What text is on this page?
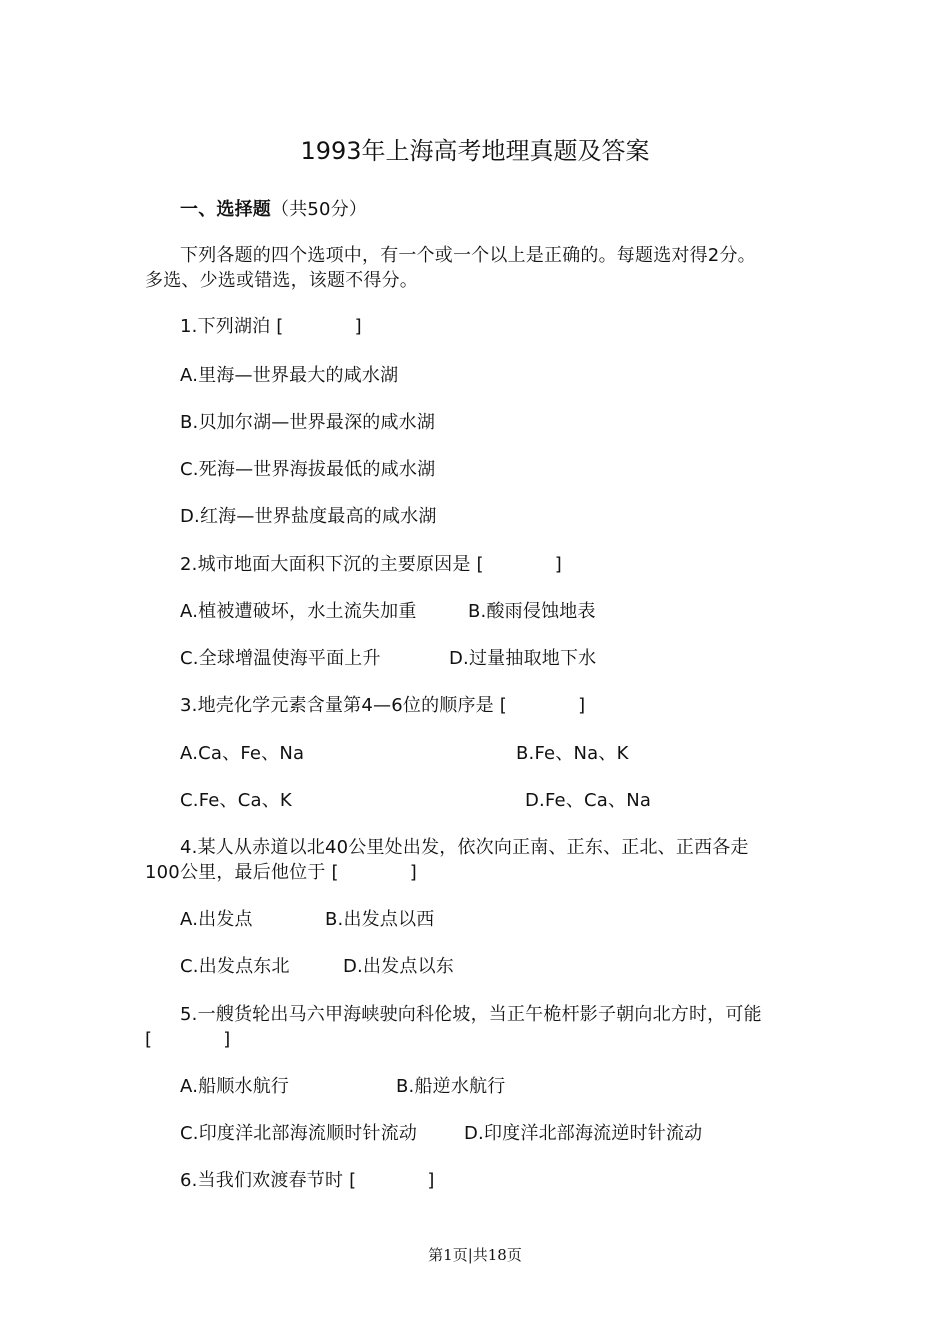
1993年上海高考地理真题及答案
一、选择题（共50分）
下列各题的四个选项中，有一个或一个以上是正确的。每题选对得2分。
多选、少选或错选，该题不得分。
1.下列湖泊 [            ]
A.里海—世界最大的咸水湖
B.贝加尔湖—世界最深的咸水湖
C.死海—世界海拔最低的咸水湖
D.红海—世界盐度最高的咸水湖
2.城市地面大面积下沉的主要原因是 [            ]
A.植被遭破坏，水土流失加重	B.酸雨侵蚀地表
C.全球增温使海平面上升	D.过量抽取地下水
3.地壳化学元素含量第4—6位的顺序是 [            ]
A.Ca、Fe、Na	B.Fe、Na、K
C.Fe、Ca、K	D.Fe、Ca、Na
4.某人从赤道以北40公里处出发，依次向正南、正东、正北、正西各走
100公里，最后他位于 [            ]
A.出发点	B.出发点以西
C.出发点东北	D.出发点以东
5.一艘货轮出马六甲海峡驶向科伦坡，当正午桅杆影子朝向北方时，可能
[            ]
A.船顺水航行	B.船逆水航行
C.印度洋北部海流顺时针流动	D.印度洋北部海流逆时针流动
6.当我们欢渡春节时 [            ]
第1页|共18页
